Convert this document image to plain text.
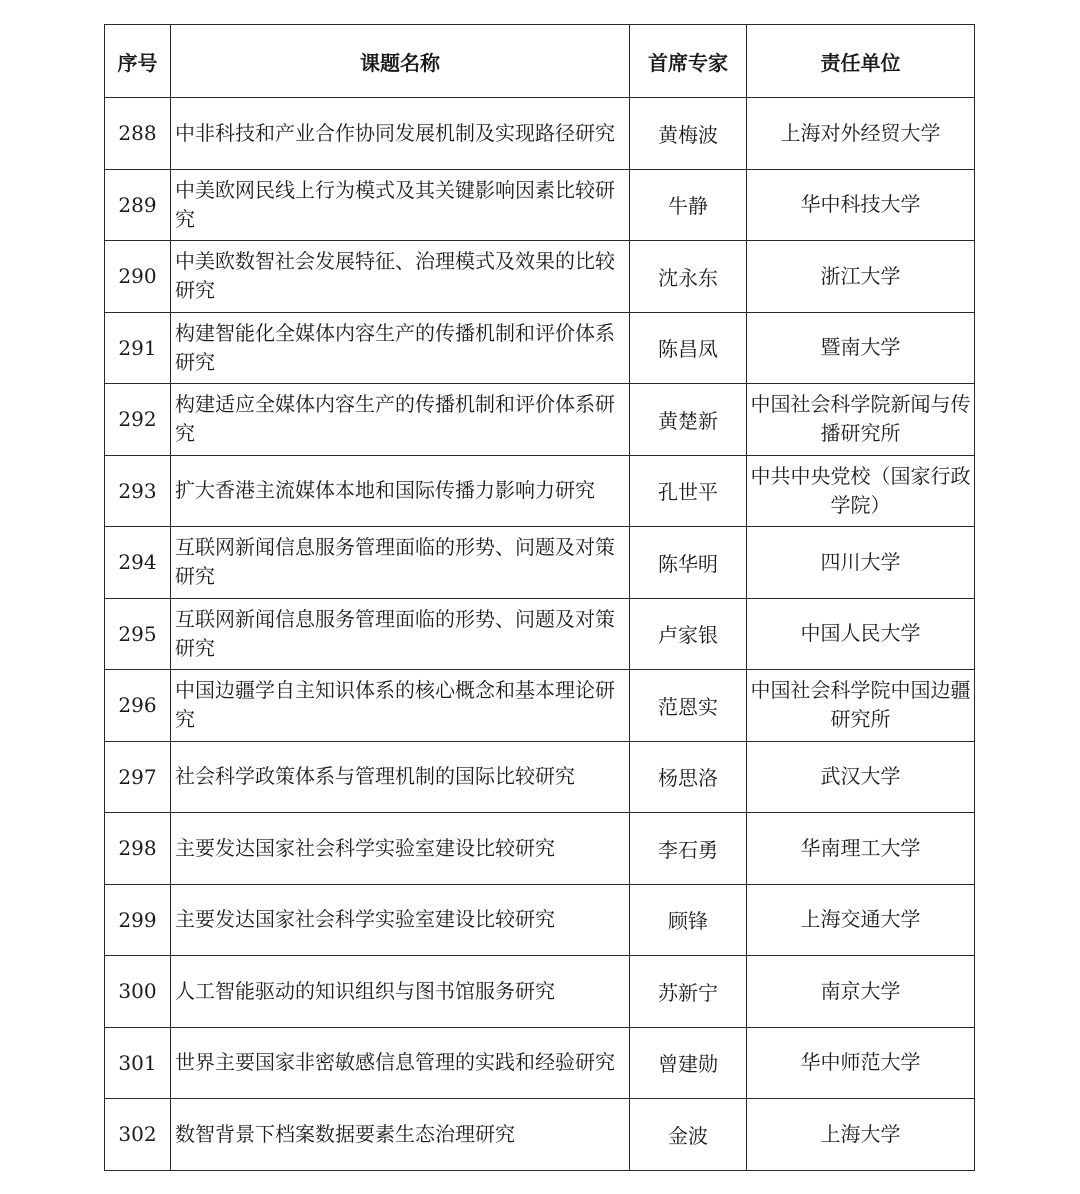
序号	课题名称	首席专家	责任单位
288	中非科技和产业合作协同发展机制及实现路径研究	黄梅波	上海对外经贸大学
289	中美欧网民线上行为模式及其关键影响因素比较研究	牛静	华中科技大学
290	中美欧数智社会发展特征、治理模式及效果的比较研究	沈永东	浙江大学
291	构建智能化全媒体内容生产的传播机制和评价体系研究	陈昌凤	暨南大学
292	构建适应全媒体内容生产的传播机制和评价体系研究	黄楚新	中国社会科学院新闻与传播研究所
293	扩大香港主流媒体本地和国际传播力影响力研究	孔世平	中共中央党校（国家行政学院）
294	互联网新闻信息服务管理面临的形势、问题及对策研究	陈华明	四川大学
295	互联网新闻信息服务管理面临的形势、问题及对策研究	卢家银	中国人民大学
296	中国边疆学自主知识体系的核心概念和基本理论研究	范恩实	中国社会科学院中国边疆研究所
297	社会科学政策体系与管理机制的国际比较研究	杨思洛	武汉大学
298	主要发达国家社会科学实验室建设比较研究	李石勇	华南理工大学
299	主要发达国家社会科学实验室建设比较研究	顾锋	上海交通大学
300	人工智能驱动的知识组织与图书馆服务研究	苏新宁	南京大学
301	世界主要国家非密敏感信息管理的实践和经验研究	曾建勋	华中师范大学
302	数智背景下档案数据要素生态治理研究	金波	上海大学
